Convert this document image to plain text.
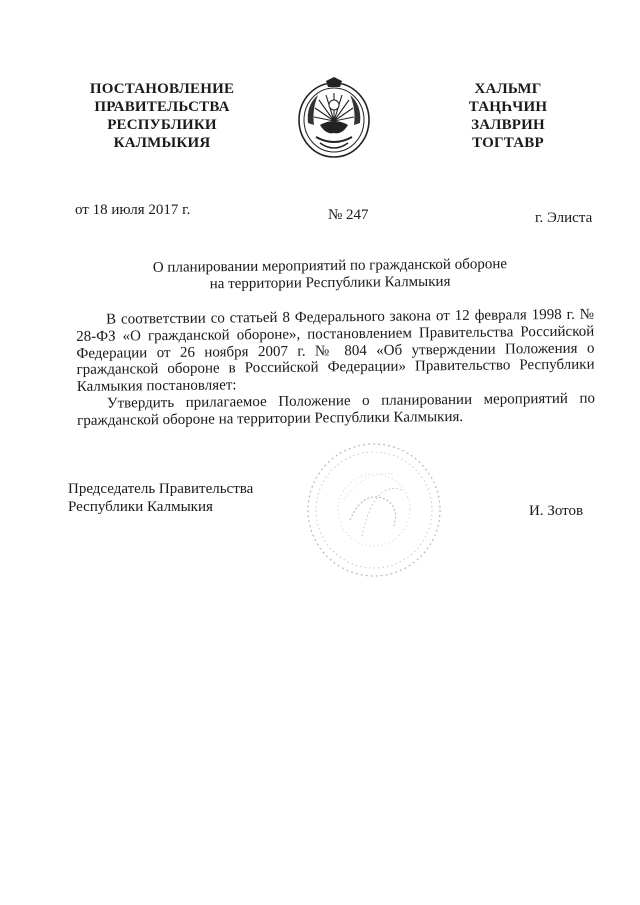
ПОСТАНОВЛЕНИЕ
ПРАВИТЕЛЬСТВА
РЕСПУБЛИКИ
КАЛМЫКИЯ
ХАЛЬМГ
ТАҢҺЧИН
ЗАЛВРИН
ТОГТАВР
от 18 июля 2017 г.	№ 247	г. Элиста
О планировании мероприятий по гражданской обороне
на территории Республики Калмыкия

В соответствии со статьей 8 Федерального закона от 12 февраля 1998 г. № 28-ФЗ «О гражданской обороне», постановлением Правительства Российской Федерации от 26 ноября 2007 г. № 804 «Об утверждении Положения о гражданской обороне в Российской Федерации» Правительство Республики Калмыкия постановляет:

Утвердить прилагаемое Положение о планировании мероприятий по гражданской обороне на территории Республики Калмыкия.

Председатель Правительства
Республики Калмыкия	И. Зотов
